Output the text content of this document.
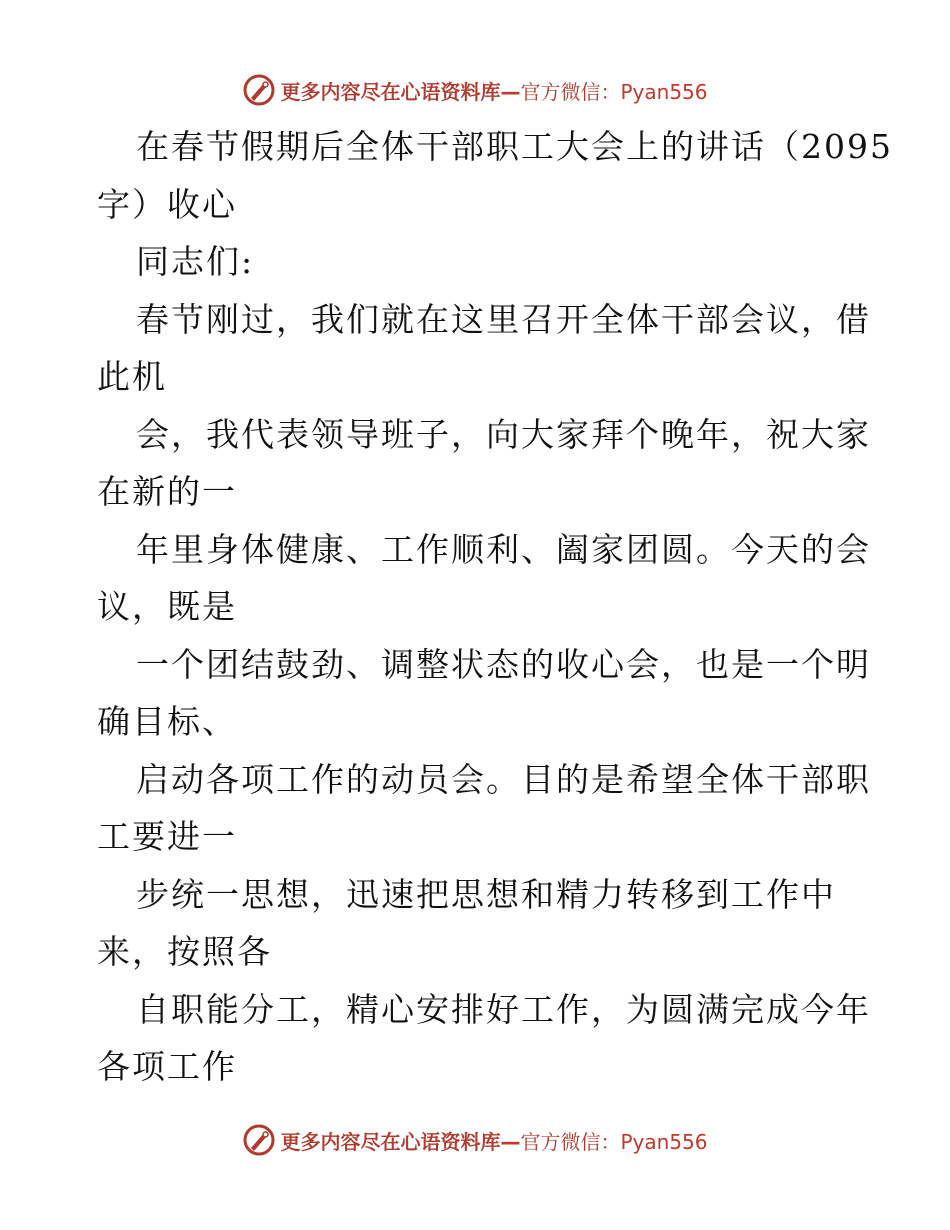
更多内容尽在心语资料库—官方微信：Pyan556
在春节假期后全体干部职工大会上的讲话（2095
字）收心
同志们:
春节刚过，我们就在这里召开全体干部会议，借
此机
会，我代表领导班子，向大家拜个晚年，祝大家
在新的一
年里身体健康、工作顺利、阖家团圆。今天的会
议，既是
一个团结鼓劲、调整状态的收心会，也是一个明
确目标、
启动各项工作的动员会。目的是希望全体干部职
工要进一
步统一思想，迅速把思想和精力转移到工作中
来，按照各
自职能分工，精心安排好工作，为圆满完成今年
各项工作
更多内容尽在心语资料库—官方微信：Pyan556
